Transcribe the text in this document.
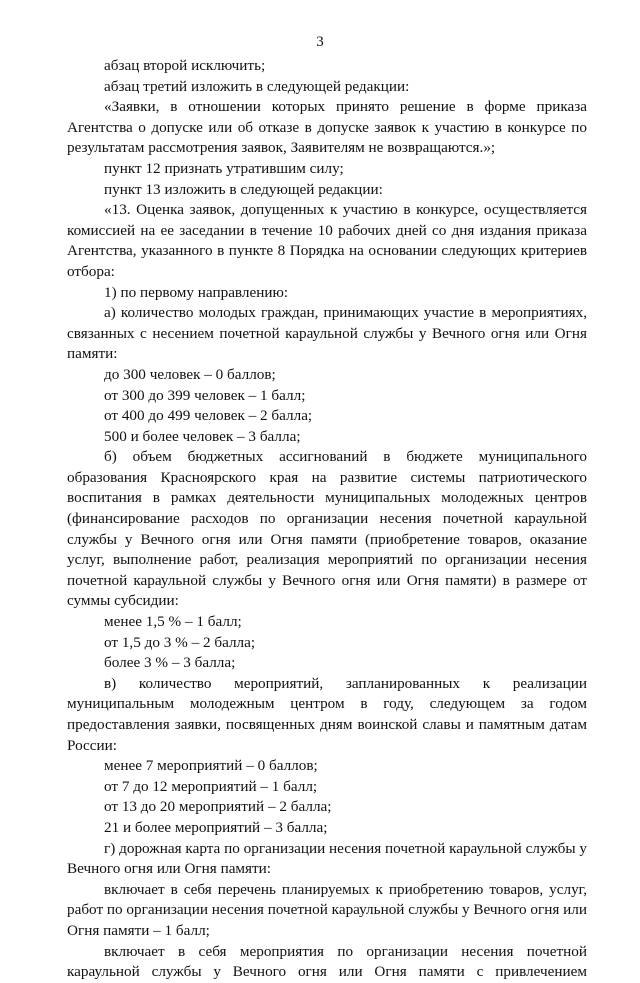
3

абзац второй исключить;

абзац третий изложить в следующей редакции:

«Заявки, в отношении которых принято решение в форме приказа Агентства о допуске или об отказе в допуске заявок к участию в конкурсе по результатам рассмотрения заявок, Заявителям не возвращаются.»;

пункт 12 признать утратившим силу;

пункт 13 изложить в следующей редакции:

«13. Оценка заявок, допущенных к участию в конкурсе, осуществляется комиссией на ее заседании в течение 10 рабочих дней со дня издания приказа Агентства, указанного в пункте 8 Порядка на основании следующих критериев отбора:

1) по первому направлению:

а) количество молодых граждан, принимающих участие в мероприятиях, связанных с несением почетной караульной службы у Вечного огня или Огня памяти:

до 300 человек – 0 баллов;

от 300 до 399 человек – 1 балл;

от 400 до 499 человек – 2 балла;

500 и более человек – 3 балла;

б) объем бюджетных ассигнований в бюджете муниципального образования Красноярского края на развитие системы патриотического воспитания в рамках деятельности муниципальных молодежных центров (финансирование расходов по организации несения почетной караульной службы у Вечного огня или Огня памяти (приобретение товаров, оказание услуг, выполнение работ, реализация мероприятий по организации несения почетной караульной службы у Вечного огня или Огня памяти) в размере от суммы субсидии:

менее 1,5 % – 1 балл;

от 1,5 до 3 % – 2 балла;

более 3 % – 3 балла;

в) количество мероприятий, запланированных к реализации муниципальным молодежным центром в году, следующем за годом предоставления заявки, посвященных дням воинской славы и памятным датам России:

менее 7 мероприятий – 0 баллов;

от 7 до 12 мероприятий – 1 балл;

от 13 до 20 мероприятий – 2 балла;

21 и более мероприятий – 3 балла;

г) дорожная карта по организации несения почетной караульной службы у Вечного огня или Огня памяти:

включает в себя перечень планируемых к приобретению товаров, услуг, работ по организации несения почетной караульной службы у Вечного огня или Огня памяти – 1 балл;

включает в себя мероприятия по организации несения почетной караульной службы у Вечного огня или Огня памяти с привлечением
